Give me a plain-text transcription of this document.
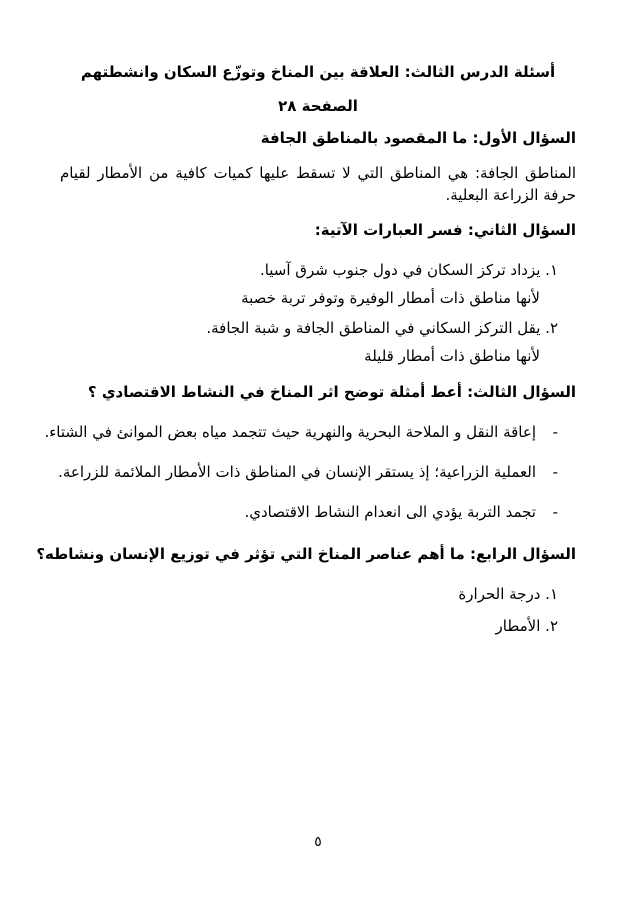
أسئلة الدرس الثالث: العلاقة بين المناخ وتوزّع السكان وانشطتهم
الصفحة ٢٨
السؤال الأول: ما المقصود بالمناطق الجافة
المناطق الجافة: هي المناطق التي لا تسقط عليها كميات كافية من الأمطار لقيام حرفة الزراعة البعلية.
السؤال الثاني: فسر العبارات الآتية:
١. يزداد تركز السكان في دول جنوب شرق آسيا.
لأنها مناطق ذات أمطار الوفيرة وتوفر تربة خصبة
٢. يقل التركز السكاني في المناطق الجافة و شبة الجافة.
لأنها مناطق ذات أمطار قليلة
السؤال الثالث: أعط أمثلة توضح اثر المناخ في النشاط الاقتصادي ؟
-
إعاقة النقل و الملاحة البحرية والنهرية حيث تتجمد مياه بعض الموانئ في الشتاء.
-
العملية الزراعية؛ إذ يستقر الإنسان في المناطق ذات الأمطار الملائمة للزراعة.
-
تجمد التربة يؤدي الى انعدام النشاط الاقتصادي.
السؤال الرابع: ما أهم عناصر المناخ التي تؤثر في توزيع الإنسان ونشاطه؟
١. درجة الحرارة
٢. الأمطار
٥
